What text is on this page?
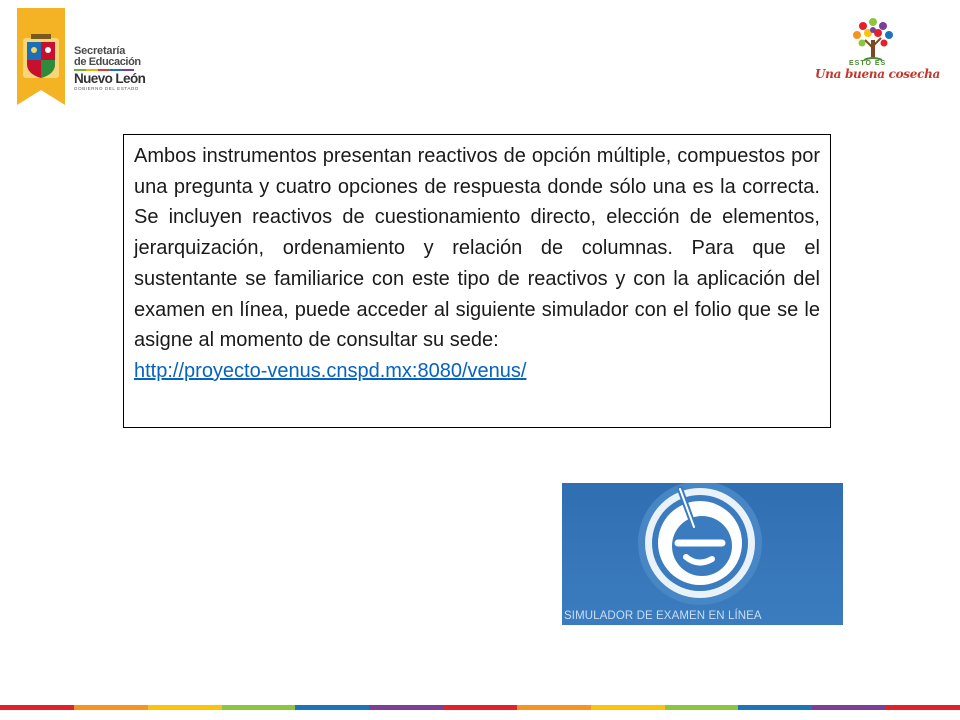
Secretaría
de Educación
Nuevo León
GOBIERNO DEL ESTADO
ESTO ES
Una buena cosecha

Ambos instrumentos presentan reactivos de opción múltiple, compuestos por una pregunta y cuatro opciones de respuesta donde sólo una es la correcta. Se incluyen reactivos de cuestionamiento directo, elección de elementos, jerarquización, ordenamiento y relación de columnas. Para que el sustentante se familiarice con este tipo de reactivos y con la aplicación del examen en línea, puede acceder al siguiente simulador con el folio que se le asigne al momento de consultar su sede:

http://proyecto-venus.cnspd.mx:8080/venus/
SIMULADOR DE EXAMEN EN LÍNEA
